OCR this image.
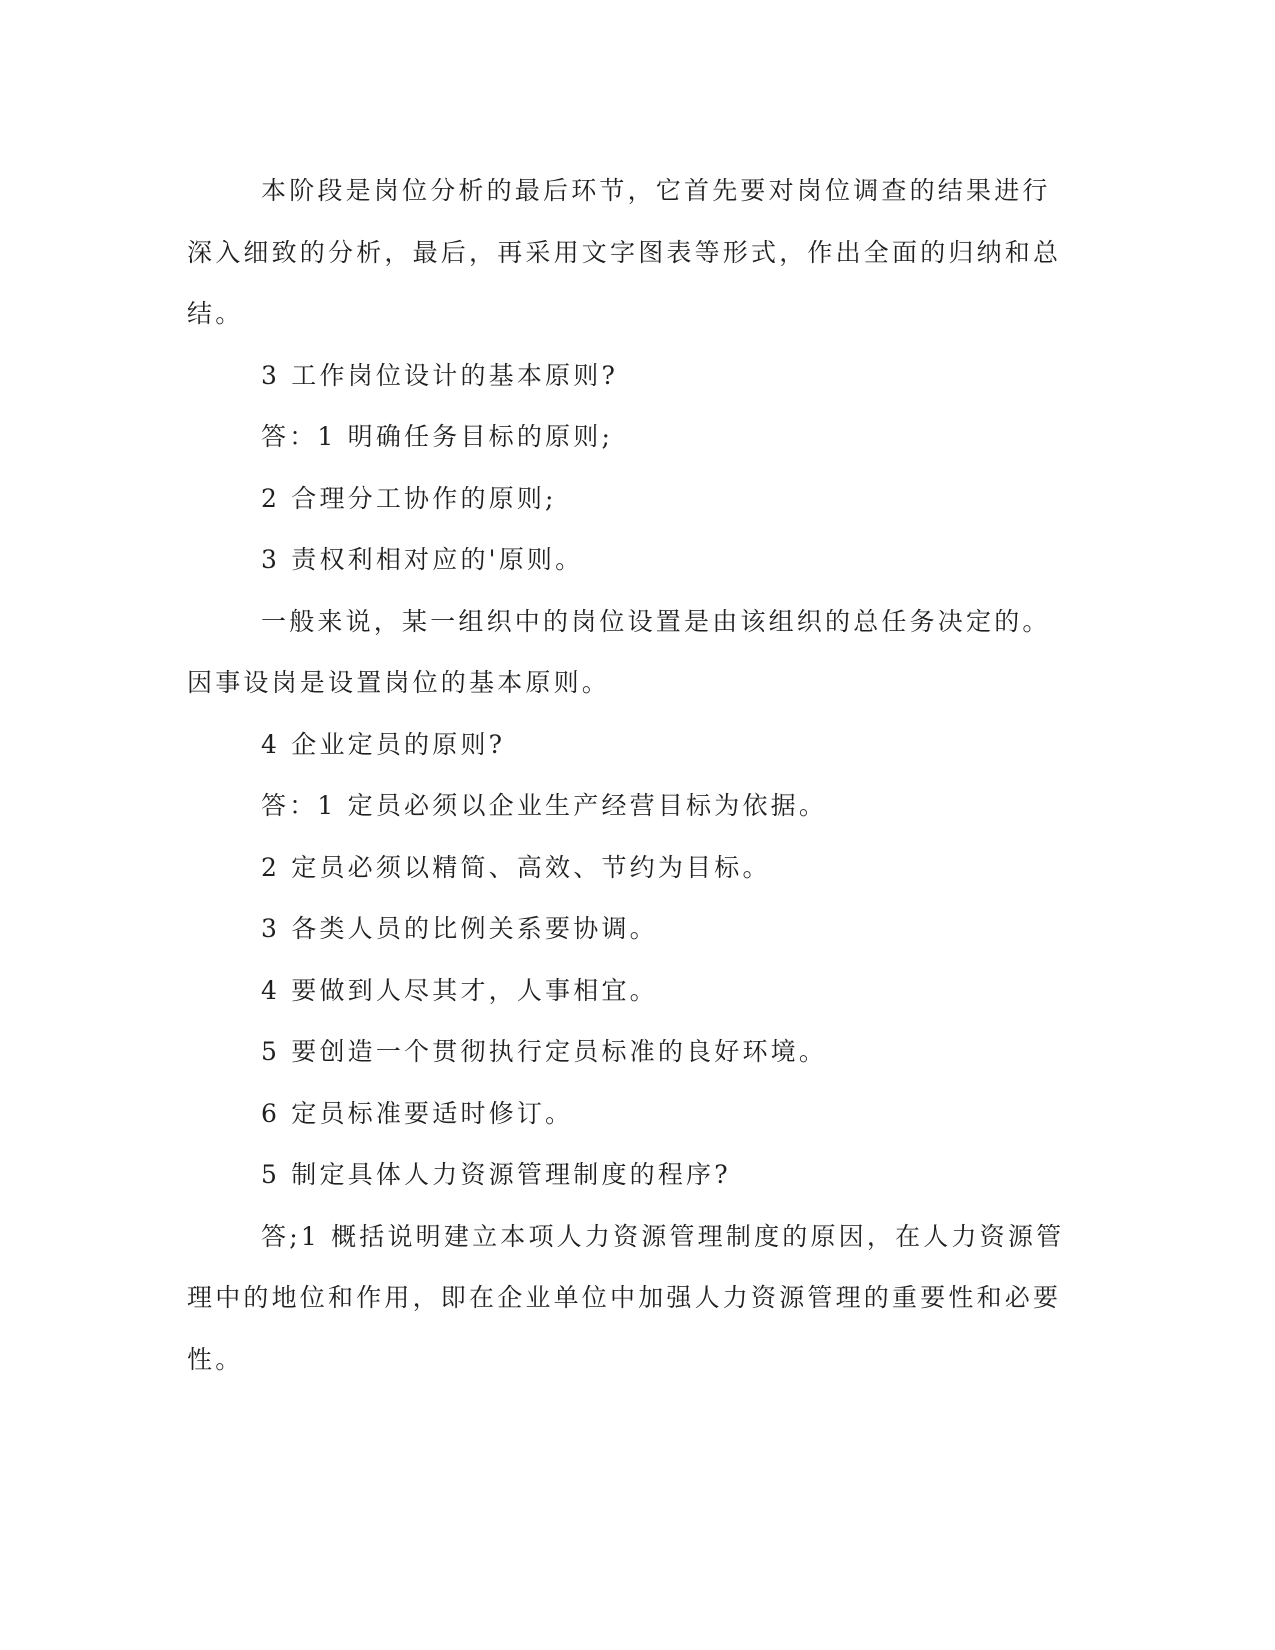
本阶段是岗位分析的最后环节，它首先要对岗位调查的结果进行深入细致的分析，最后，再采用文字图表等形式，作出全面的归纳和总结。

3 工作岗位设计的基本原则?

答：1 明确任务目标的原则;

2 合理分工协作的原则;

3 责权利相对应的'原则。

一般来说，某一组织中的岗位设置是由该组织的总任务决定的。因事设岗是设置岗位的基本原则。

4 企业定员的原则?

答：1 定员必须以企业生产经营目标为依据。

2 定员必须以精简、高效、节约为目标。

3 各类人员的比例关系要协调。

4 要做到人尽其才，人事相宜。

5 要创造一个贯彻执行定员标准的良好环境。

6 定员标准要适时修订。

5 制定具体人力资源管理制度的程序?

答;1 概括说明建立本项人力资源管理制度的原因，在人力资源管理中的地位和作用，即在企业单位中加强人力资源管理的重要性和必要性。
